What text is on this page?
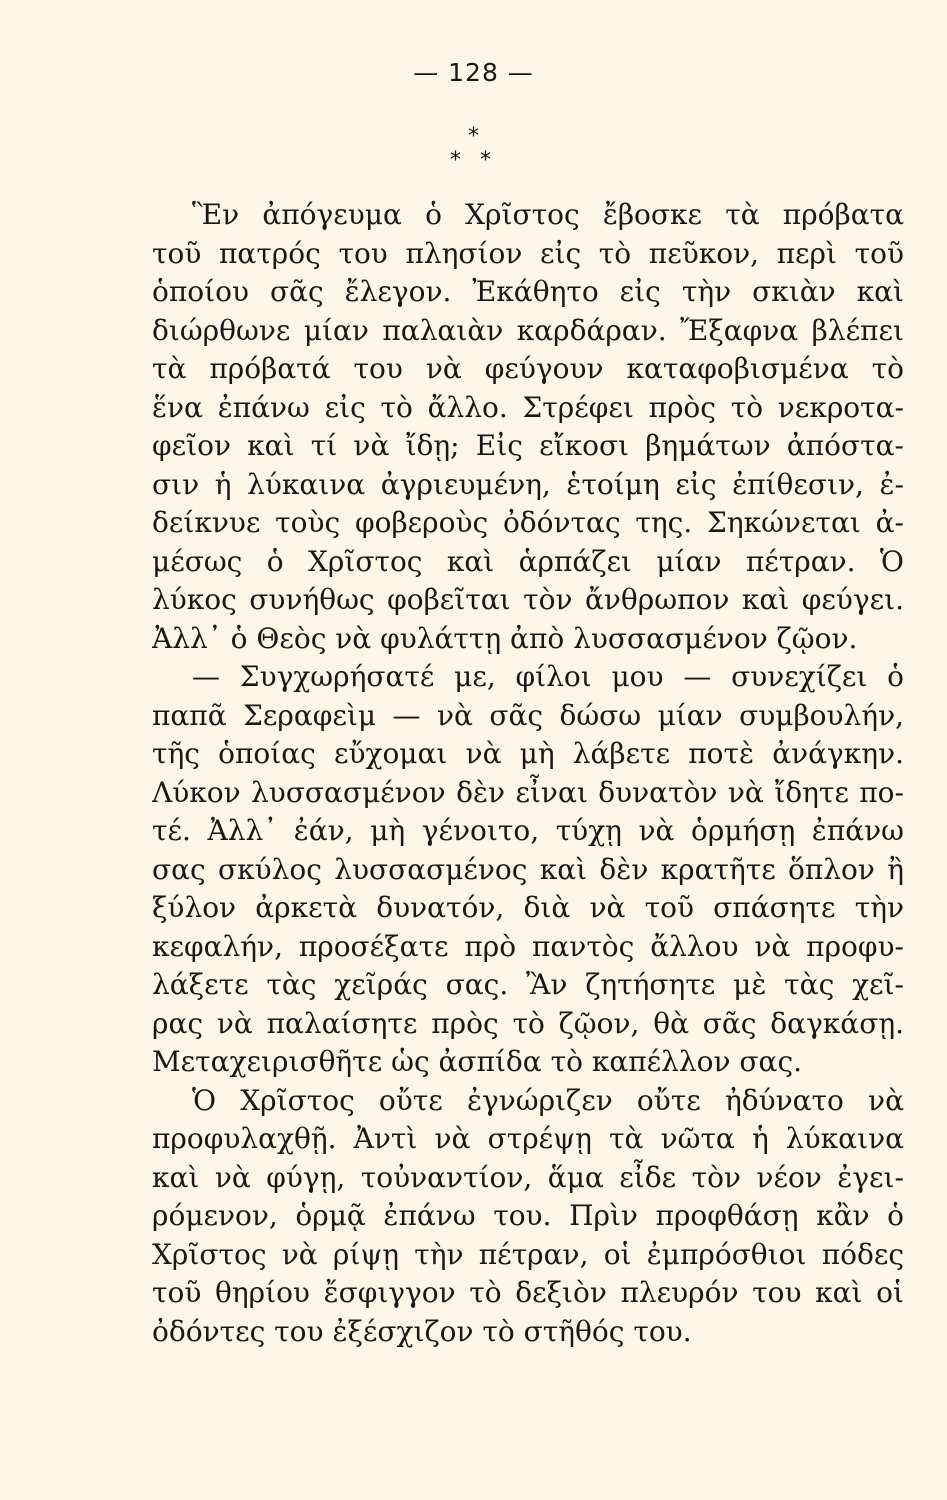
— 128 —
*
* *
Ἓν ἀπόγευμα ὁ Χρῖστος ἔβοσκε τὰ πρόβατα
τοῦ πατρός του πλησίον εἰς τὸ πεῦκον, περὶ τοῦ
ὁποίου σᾶς ἔλεγον. Ἐκάθητο εἰς τὴν σκιὰν καὶ
διώρθωνε μίαν παλαιὰν καρδάραν. Ἔξαφνα βλέπει
τὰ πρόβατά του νὰ φεύγουν καταφοβισμένα τὸ
ἕνα ἐπάνω εἰς τὸ ἄλλο. Στρέφει πρὸς τὸ νεκροτα-
φεῖον καὶ τί νὰ ἴδῃ; Εἰς εἴκοσι βημάτων ἀπόστα-
σιν ἡ λύκαινα ἀγριευμένη, ἑτοίμη εἰς ἐπίθεσιν, ἐ-
δείκνυε τοὺς φοβεροὺς ὀδόντας της. Σηκώνεται ἀ-
μέσως ὁ Χρῖστος καὶ ἁρπάζει μίαν πέτραν. Ὁ
λύκος συνήθως φοβεῖται τὸν ἄνθρωπον καὶ φεύγει.
Ἀλλ᾿ ὁ Θεὸς νὰ φυλάττῃ ἀπὸ λυσσασμένον ζῷον.
— Συγχωρήσατέ με, φίλοι μου — συνεχίζει ὁ
παπᾶ Σεραφεὶμ — νὰ σᾶς δώσω μίαν συμβουλήν,
τῆς ὁποίας εὔχομαι νὰ μὴ λάβετε ποτὲ ἀνάγκην.
Λύκον λυσσασμένον δὲν εἶναι δυνατὸν νὰ ἴδητε πο-
τέ. Ἀλλ᾿ ἐάν, μὴ γένοιτο, τύχῃ νὰ ὁρμήσῃ ἐπάνω
σας σκύλος λυσσασμένος καὶ δὲν κρατῆτε ὅπλον ἢ
ξύλον ἀρκετὰ δυνατόν, διὰ νὰ τοῦ σπάσητε τὴν
κεφαλήν, προσέξατε πρὸ παντὸς ἄλλου νὰ προφυ-
λάξετε τὰς χεῖράς σας. Ἂν ζητήσητε μὲ τὰς χεῖ-
ρας νὰ παλαίσητε πρὸς τὸ ζῷον, θὰ σᾶς δαγκάσῃ.
Μεταχειρισθῆτε ὡς ἀσπίδα τὸ καπέλλον σας.
Ὁ Χρῖστος οὔτε ἐγνώριζεν οὔτε ἠδύνατο νὰ
προφυλαχθῇ. Ἀντὶ νὰ στρέψῃ τὰ νῶτα ἡ λύκαινα
καὶ νὰ φύγῃ, τοὐναντίον, ἅμα εἶδε τὸν νέον ἐγει-
ρόμενον, ὁρμᾷ ἐπάνω του. Πρὶν προφθάσῃ κἂν ὁ
Χρῖστος νὰ ρίψῃ τὴν πέτραν, οἱ ἐμπρόσθιοι πόδες
τοῦ θηρίου ἔσφιγγον τὸ δεξιὸν πλευρόν του καὶ οἱ
ὀδόντες του ἐξέσχιζον τὸ στῆθός του.
